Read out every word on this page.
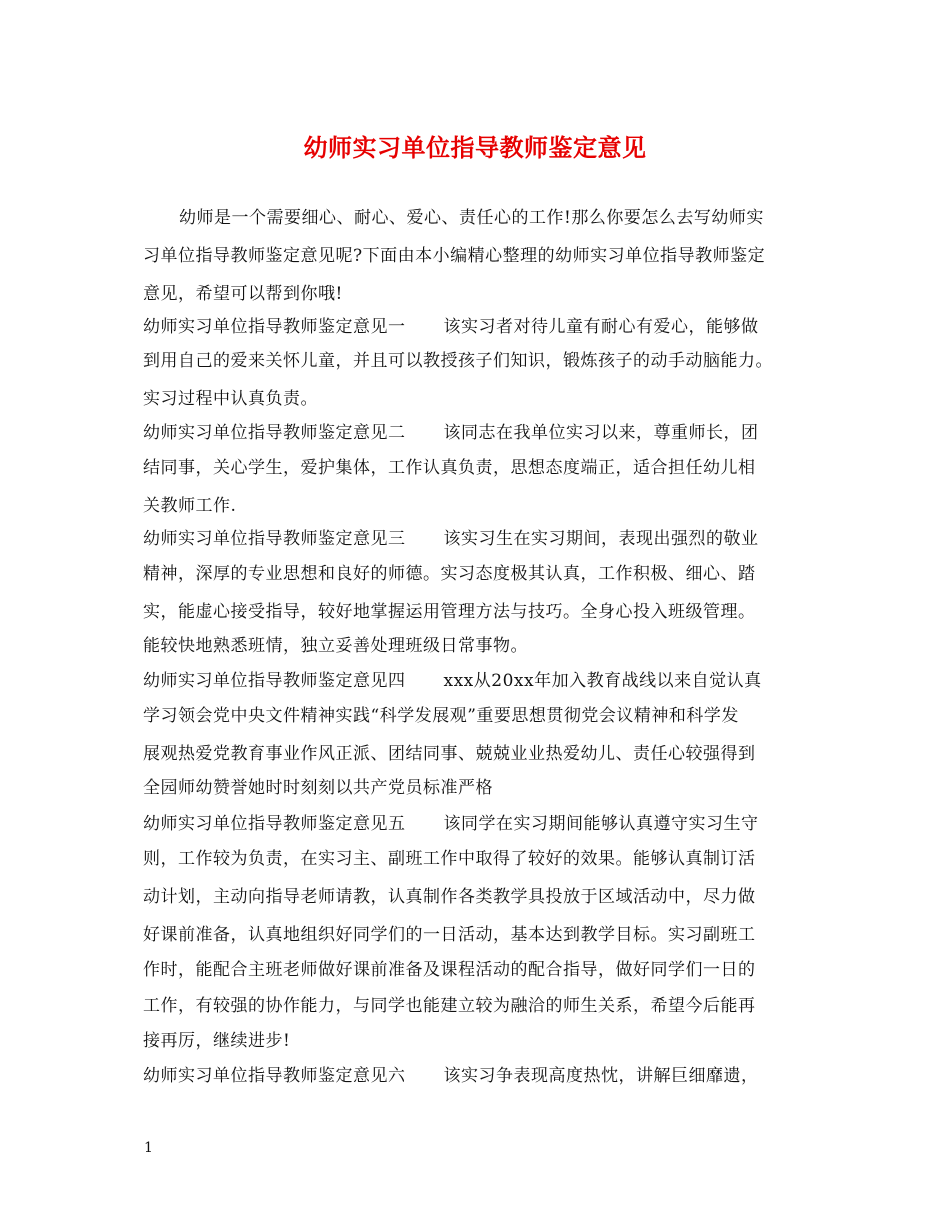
幼师实习单位指导教师鉴定意见
幼师是一个需要细心、耐心、爱心、责任心的工作!那么你要怎么去写幼师实
习单位指导教师鉴定意见呢?下面由本小编精心整理的幼师实习单位指导教师鉴定
意见，希望可以帮到你哦!
幼师实习单位指导教师鉴定意见一 该实习者对待儿童有耐心有爱心，能够做
到用自己的爱来关怀儿童，并且可以教授孩子们知识，锻炼孩子的动手动脑能力。
实习过程中认真负责。
幼师实习单位指导教师鉴定意见二 该同志在我单位实习以来，尊重师长，团
结同事，关心学生，爱护集体，工作认真负责，思想态度端正，适合担任幼儿相
关教师工作.
幼师实习单位指导教师鉴定意见三 该实习生在实习期间，表现出强烈的敬业
精神，深厚的专业思想和良好的师德。实习态度极其认真，工作积极、细心、踏
实，能虚心接受指导，较好地掌握运用管理方法与技巧。全身心投入班级管理。
能较快地熟悉班情，独立妥善处理班级日常事物。
幼师实习单位指导教师鉴定意见四 xxx从20xx年加入教育战线以来自觉认真
学习领会党中央文件精神实践“科学发展观”重要思想贯彻党会议精神和科学发
展观热爱党教育事业作风正派、团结同事、兢兢业业热爱幼儿、责任心较强得到
全园师幼赞誉她时时刻刻以共产党员标准严格
幼师实习单位指导教师鉴定意见五 该同学在实习期间能够认真遵守实习生守
则，工作较为负责，在实习主、副班工作中取得了较好的效果。能够认真制订活
动计划，主动向指导老师请教，认真制作各类教学具投放于区域活动中，尽力做
好课前准备，认真地组织好同学们的一日活动，基本达到教学目标。实习副班工
作时，能配合主班老师做好课前准备及课程活动的配合指导，做好同学们一日的
工作，有较强的协作能力，与同学也能建立较为融洽的师生关系，希望今后能再
接再厉，继续进步!
幼师实习单位指导教师鉴定意见六 该实习争表现高度热忱，讲解巨细靡遗，
1
